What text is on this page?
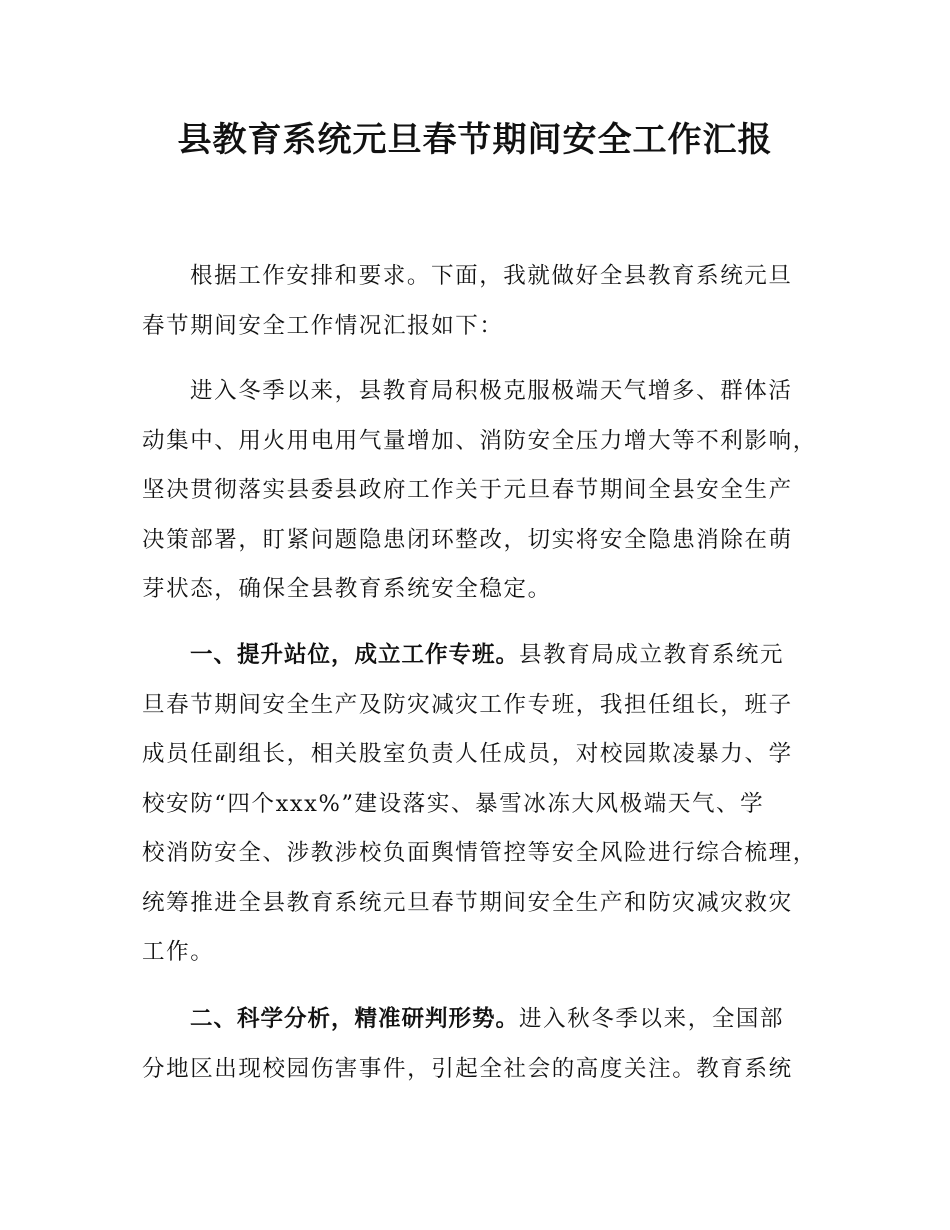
县教育系统元旦春节期间安全工作汇报
根据工作安排和要求。下面，我就做好全县教育系统元旦
春节期间安全工作情况汇报如下：
进入冬季以来，县教育局积极克服极端天气增多、群体活
动集中、用火用电用气量增加、消防安全压力增大等不利影响，
坚决贯彻落实县委县政府工作关于元旦春节期间全县安全生产
决策部署，盯紧问题隐患闭环整改，切实将安全隐患消除在萌
芽状态，确保全县教育系统安全稳定。
一、提升站位，成立工作专班。县教育局成立教育系统元
旦春节期间安全生产及防灾减灾工作专班，我担任组长，班子
成员任副组长，相关股室负责人任成员，对校园欺凌暴力、学
校安防“四个xxx%”建设落实、暴雪冰冻大风极端天气、学
校消防安全、涉教涉校负面舆情管控等安全风险进行综合梳理，
统筹推进全县教育系统元旦春节期间安全生产和防灾减灾救灾
工作。
二、科学分析，精准研判形势。进入秋冬季以来，全国部
分地区出现校园伤害事件，引起全社会的高度关注。教育系统
